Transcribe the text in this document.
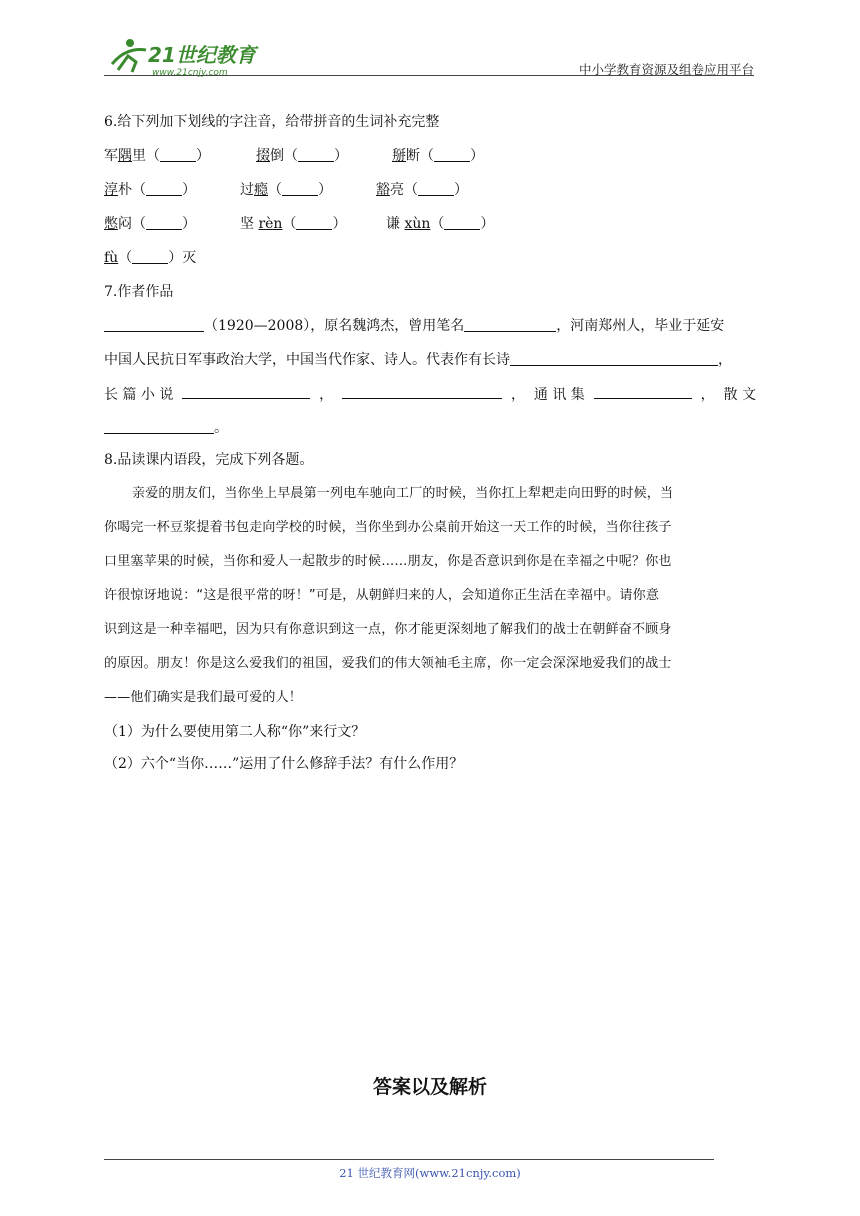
21世纪教育
www.21cnjy.com	中小学教育资源及组卷应用平台
6.给下列加下划线的字注音，给带拼音的生词补充完整
军隅里（	）	掇倒（	）	掰断（	）
淳朴（	）	过瘾（	）	豁亮（	）
憋闷（	）	坚 rèn（	）	谦 xùn（	）
fù（	）灭
7.作者作品
（1920—2008），原名魏鸿杰，曾用笔名	，河南郑州人，毕业于延安
中国人民抗日军事政治大学，中国当代作家、诗人。代表作有长诗	，
长 篇 小 说	，	， 通 讯 集	， 散 文
。
8.品读课内语段，完成下列各题。
亲爱的朋友们，当你坐上早晨第一列电车驰向工厂的时候，当你扛上犁耙走向田野的时候，当
你喝完一杯豆浆提着书包走向学校的时候，当你坐到办公桌前开始这一天工作的时候，当你往孩子
口里塞苹果的时候，当你和爱人一起散步的时候……朋友，你是否意识到你是在幸福之中呢？你也
许很惊讶地说：“这是很平常的呀！”可是，从朝鲜归来的人，会知道你正生活在幸福中。请你意
识到这是一种幸福吧，因为只有你意识到这一点，你才能更深刻地了解我们的战士在朝鲜奋不顾身
的原因。朋友！你是这么爱我们的祖国，爱我们的伟大领袖毛主席，你一定会深深地爱我们的战士
——他们确实是我们最可爱的人！
（1）为什么要使用第二人称“你”来行文？
（2）六个“当你……”运用了什么修辞手法？有什么作用？
答案以及解析
21 世纪教育网(www.21cnjy.com)
